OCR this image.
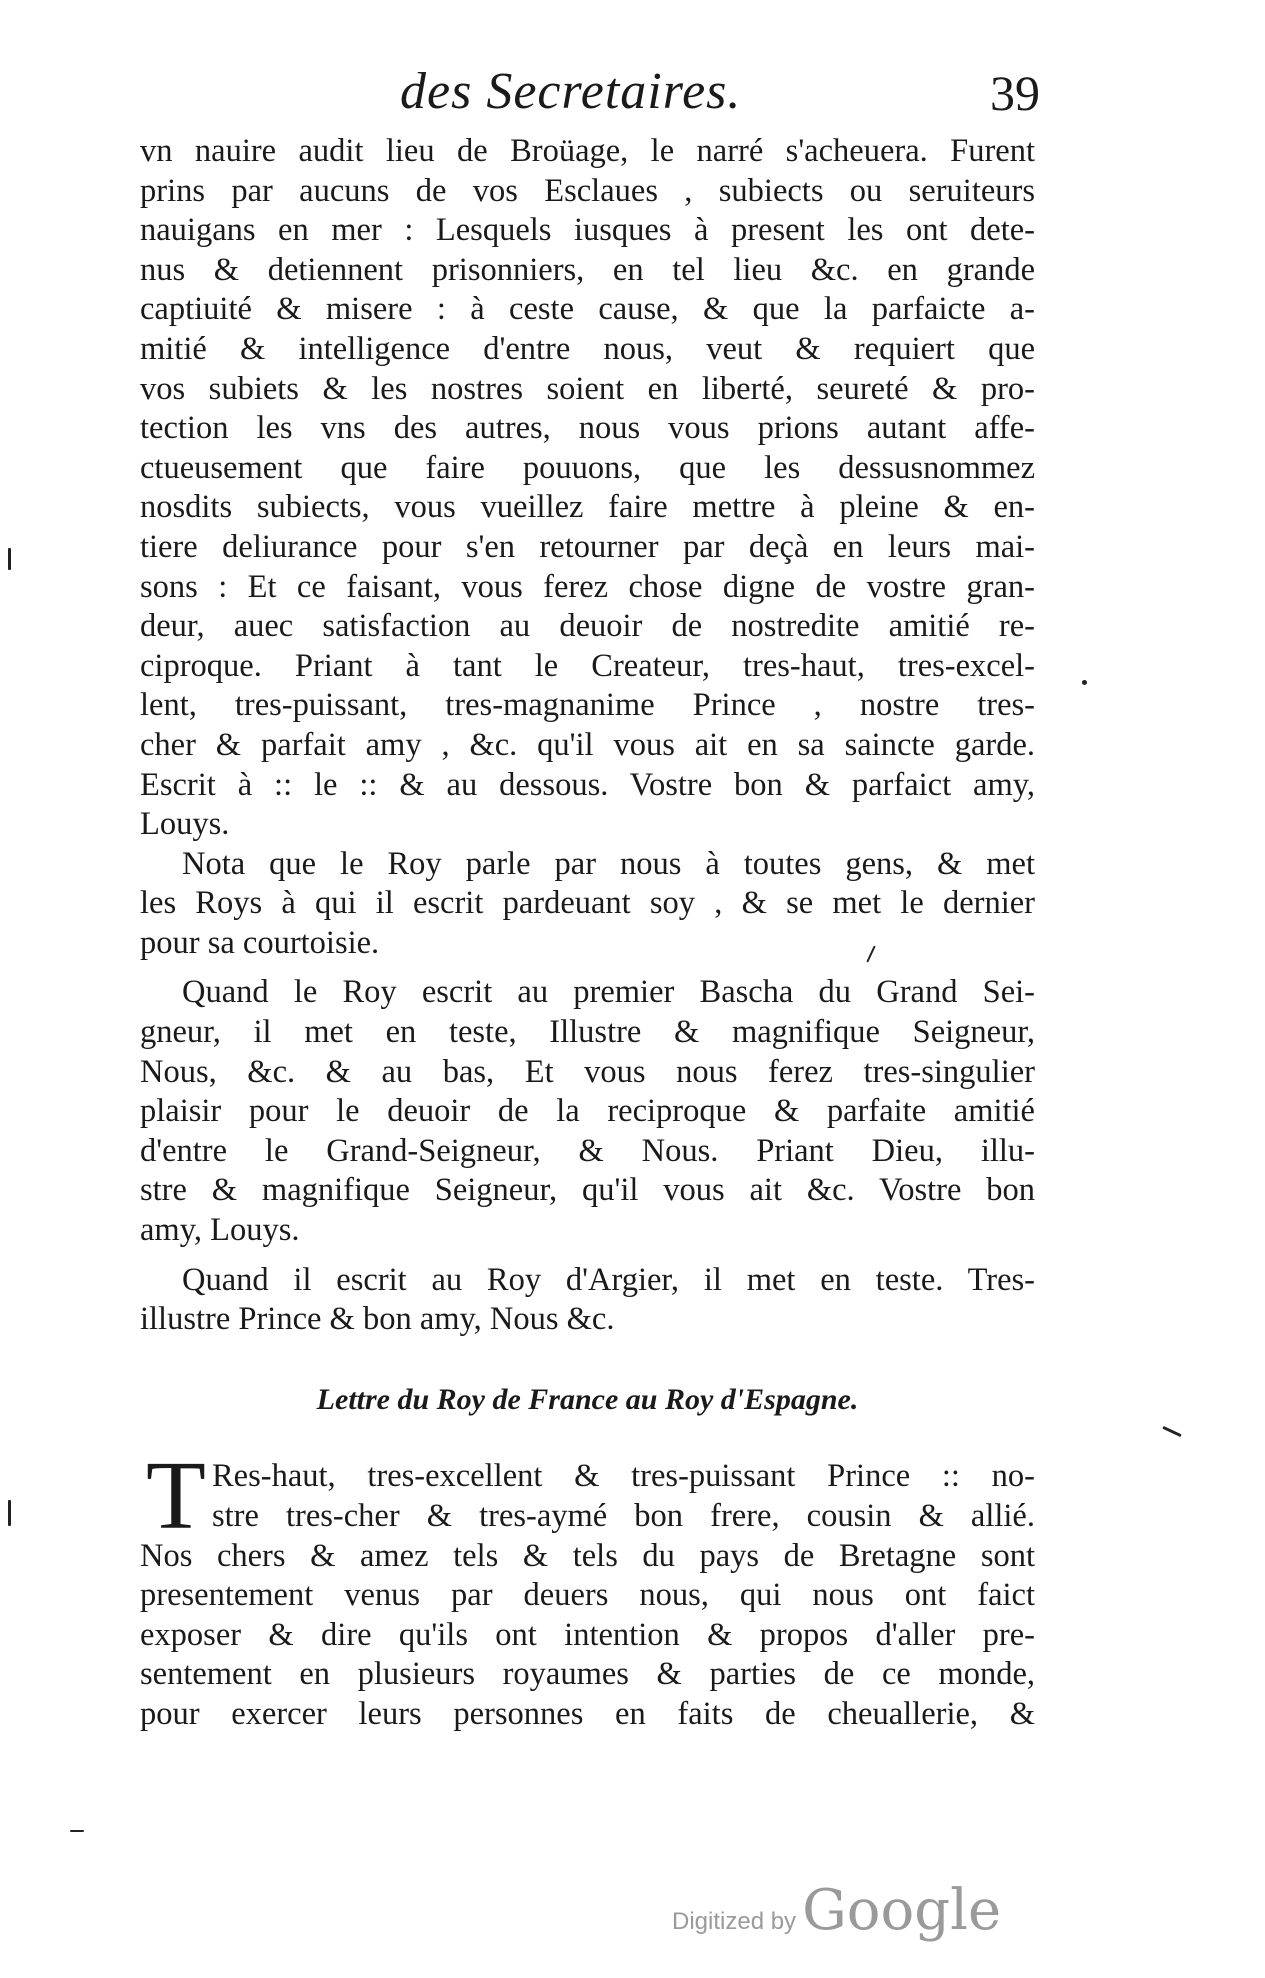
des Secretaires.	39
vn nauire audit lieu de Broüage, le narré s'acheuera. Furent
prins par aucuns de vos Esclaues , subiects ou seruiteurs
nauigans en mer : Lesquels iusques à present les ont dete-
nus & detiennent prisonniers, en tel lieu &c. en grande
captiuité & misere : à ceste cause, & que la parfaicte a-
mitié & intelligence d'entre nous, veut & requiert que
vos subiets & les nostres soient en liberté, seureté & pro-
tection les vns des autres, nous vous prions autant affe-
ctueusement que faire pouuons, que les dessusnommez
nosdits subiects, vous vueillez faire mettre à pleine & en-
tiere deliurance pour s'en retourner par deçà en leurs mai-
sons : Et ce faisant, vous ferez chose digne de vostre gran-
deur, auec satisfaction au deuoir de nostredite amitié re-
ciproque. Priant à tant le Createur, tres-haut, tres-excel-
lent, tres-puissant, tres-magnanime Prince , nostre tres-
cher & parfait amy , &c. qu'il vous ait en sa saincte garde.
Escrit à :: le :: & au dessous. Vostre bon & parfaict amy,
Louys.
Nota que le Roy parle par nous à toutes gens, & met
les Roys à qui il escrit pardeuant soy , & se met le dernier
pour sa courtoisie.
Quand le Roy escrit au premier Bascha du Grand Sei-
gneur, il met en teste, Illustre & magnifique Seigneur,
Nous, &c. & au bas, Et vous nous ferez tres-singulier
plaisir pour le deuoir de la reciproque & parfaite amitié
d'entre le Grand-Seigneur, & Nous. Priant Dieu, illu-
stre & magnifique Seigneur, qu'il vous ait &c. Vostre bon
amy, Louys.
Quand il escrit au Roy d'Argier, il met en teste. Tres-
illustre Prince & bon amy, Nous &c.
Lettre du Roy de France au Roy d'Espagne.
T Res-haut, tres-excellent & tres-puissant Prince :: no-
stre tres-cher & tres-aymé bon frere, cousin & allié.
Nos chers & amez tels & tels du pays de Bretagne sont
presentement venus par deuers nous, qui nous ont faict
exposer & dire qu'ils ont intention & propos d'aller pre-
sentement en plusieurs royaumes & parties de ce monde,
pour exercer leurs personnes en faits de cheuallerie, &
Digitized by Google
